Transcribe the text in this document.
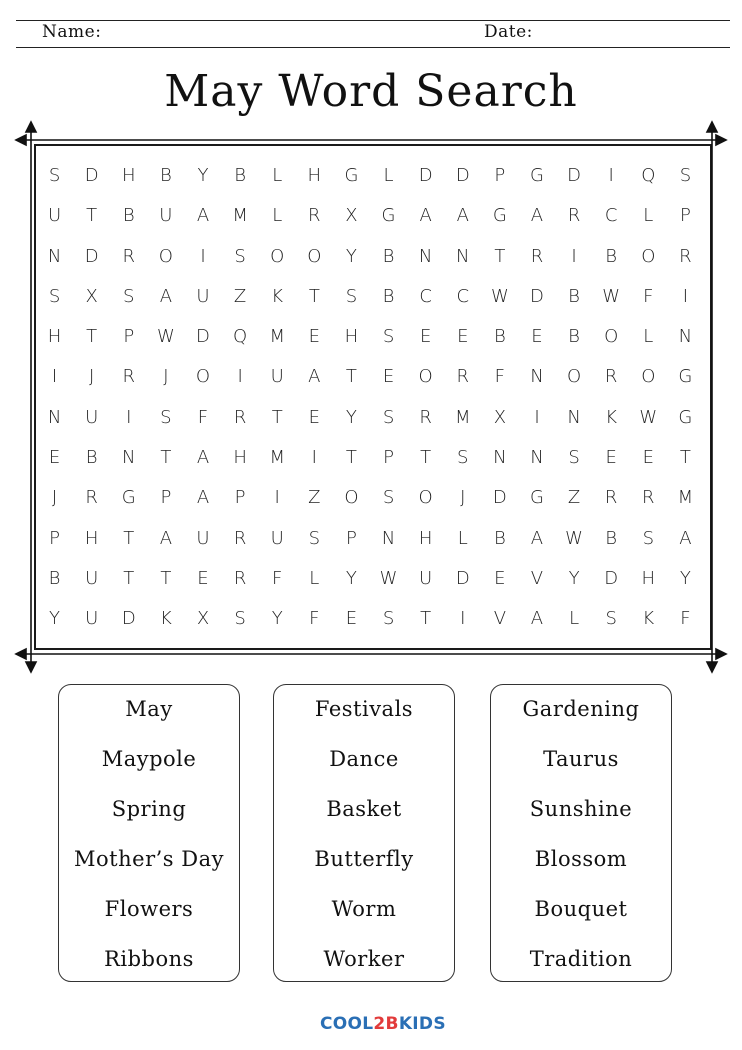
Name:	Date:
May Word Search
S	D	H	B	Y	B	L	H	G	L	D	D	P	G	D	I	Q	S
U	T	B	U	A	M	L	R	X	G	A	A	G	A	R	C	L	P
N	D	R	O	I	S	O	O	Y	B	N	N	T	R	I	B	O	R
S	X	S	A	U	Z	K	T	S	B	C	C	W	D	B	W	F	I
H	T	P	W	D	Q	M	E	H	S	E	E	B	E	B	O	L	N
I	J	R	J	O	I	U	A	T	E	O	R	F	N	O	R	O	G
N	U	I	S	F	R	T	E	Y	S	R	M	X	I	N	K	W	G
E	B	N	T	A	H	M	I	T	P	T	S	N	N	S	E	E	T
J	R	G	P	A	P	I	Z	O	S	O	J	D	G	Z	R	R	M
P	H	T	A	U	R	U	S	P	N	H	L	B	A	W	B	S	A
B	U	T	T	E	R	F	L	Y	W	U	D	E	V	Y	D	H	Y
Y	U	D	K	X	S	Y	F	E	S	T	I	V	A	L	S	K	F
May
Maypole
Spring
Mother’s Day
Flowers
Ribbons
Festivals
Dance
Basket
Butterfly
Worm
Worker
Gardening
Taurus
Sunshine
Blossom
Bouquet
Tradition
COOL2BKIDS
